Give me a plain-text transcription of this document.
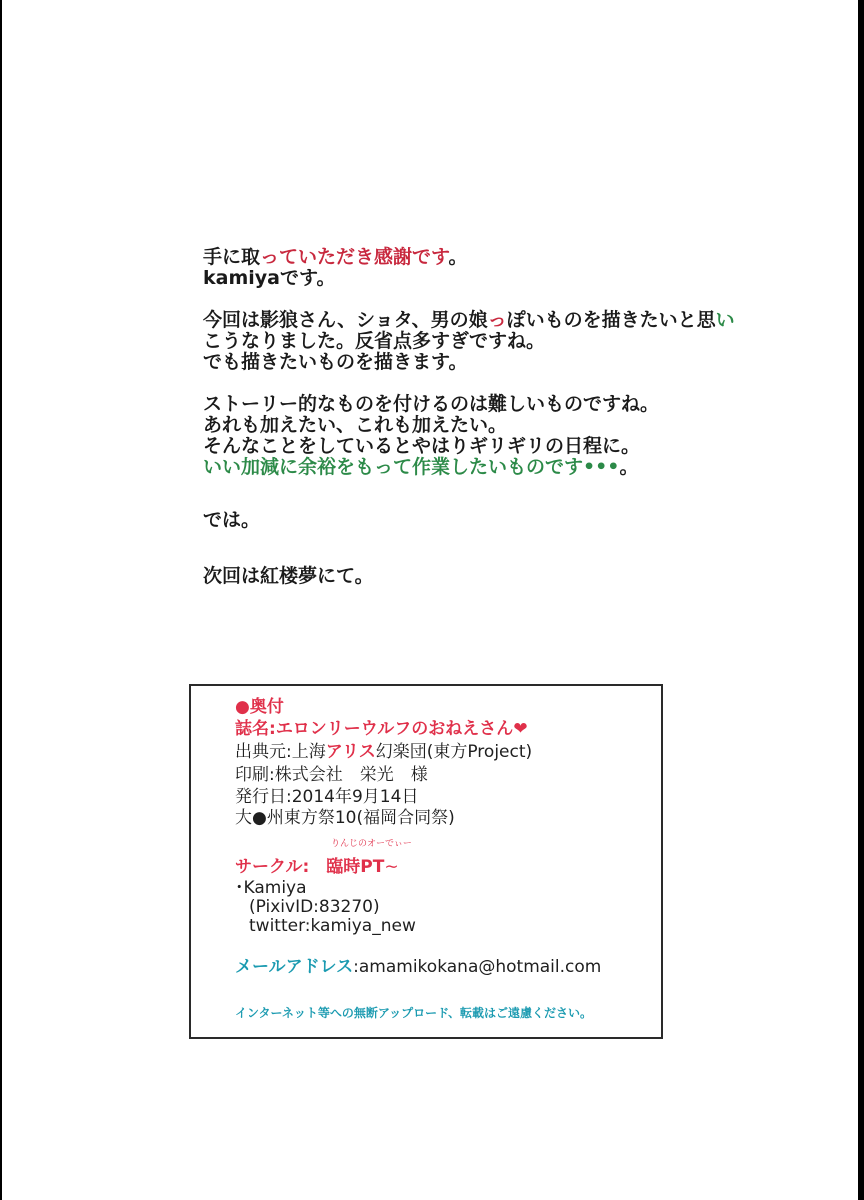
手に取っていただき感謝です。
kamiyaです。

今回は影狼さん、ショタ、男の娘っぽいものを描きたいと思い
こうなりました。反省点多すぎですね。
でも描きたいものを描きます。

ストーリー的なものを付けるのは難しいものですね。
あれも加えたい、これも加えたい。
そんなことをしているとやはりギリギリの日程に。
いい加減に余裕をもって作業したいものです•••。

では。

次回は紅楼夢にて。

●奥付
誌名:エロンリーウルフのおねえさん❤
出典元:上海アリス幻楽団(東方Project)
印刷:株式会社　栄光　様
発行日:2014年9月14日
大●州東方祭10(福岡合同祭)
りんじのオーでぃー
サークル:  臨時PT∼
･Kamiya
(PixivID:83270)
twitter:kamiya_new
メールアドレス:amamikokana@hotmail.com
インターネット等への無断アップロード、転載はご遠慮ください。
